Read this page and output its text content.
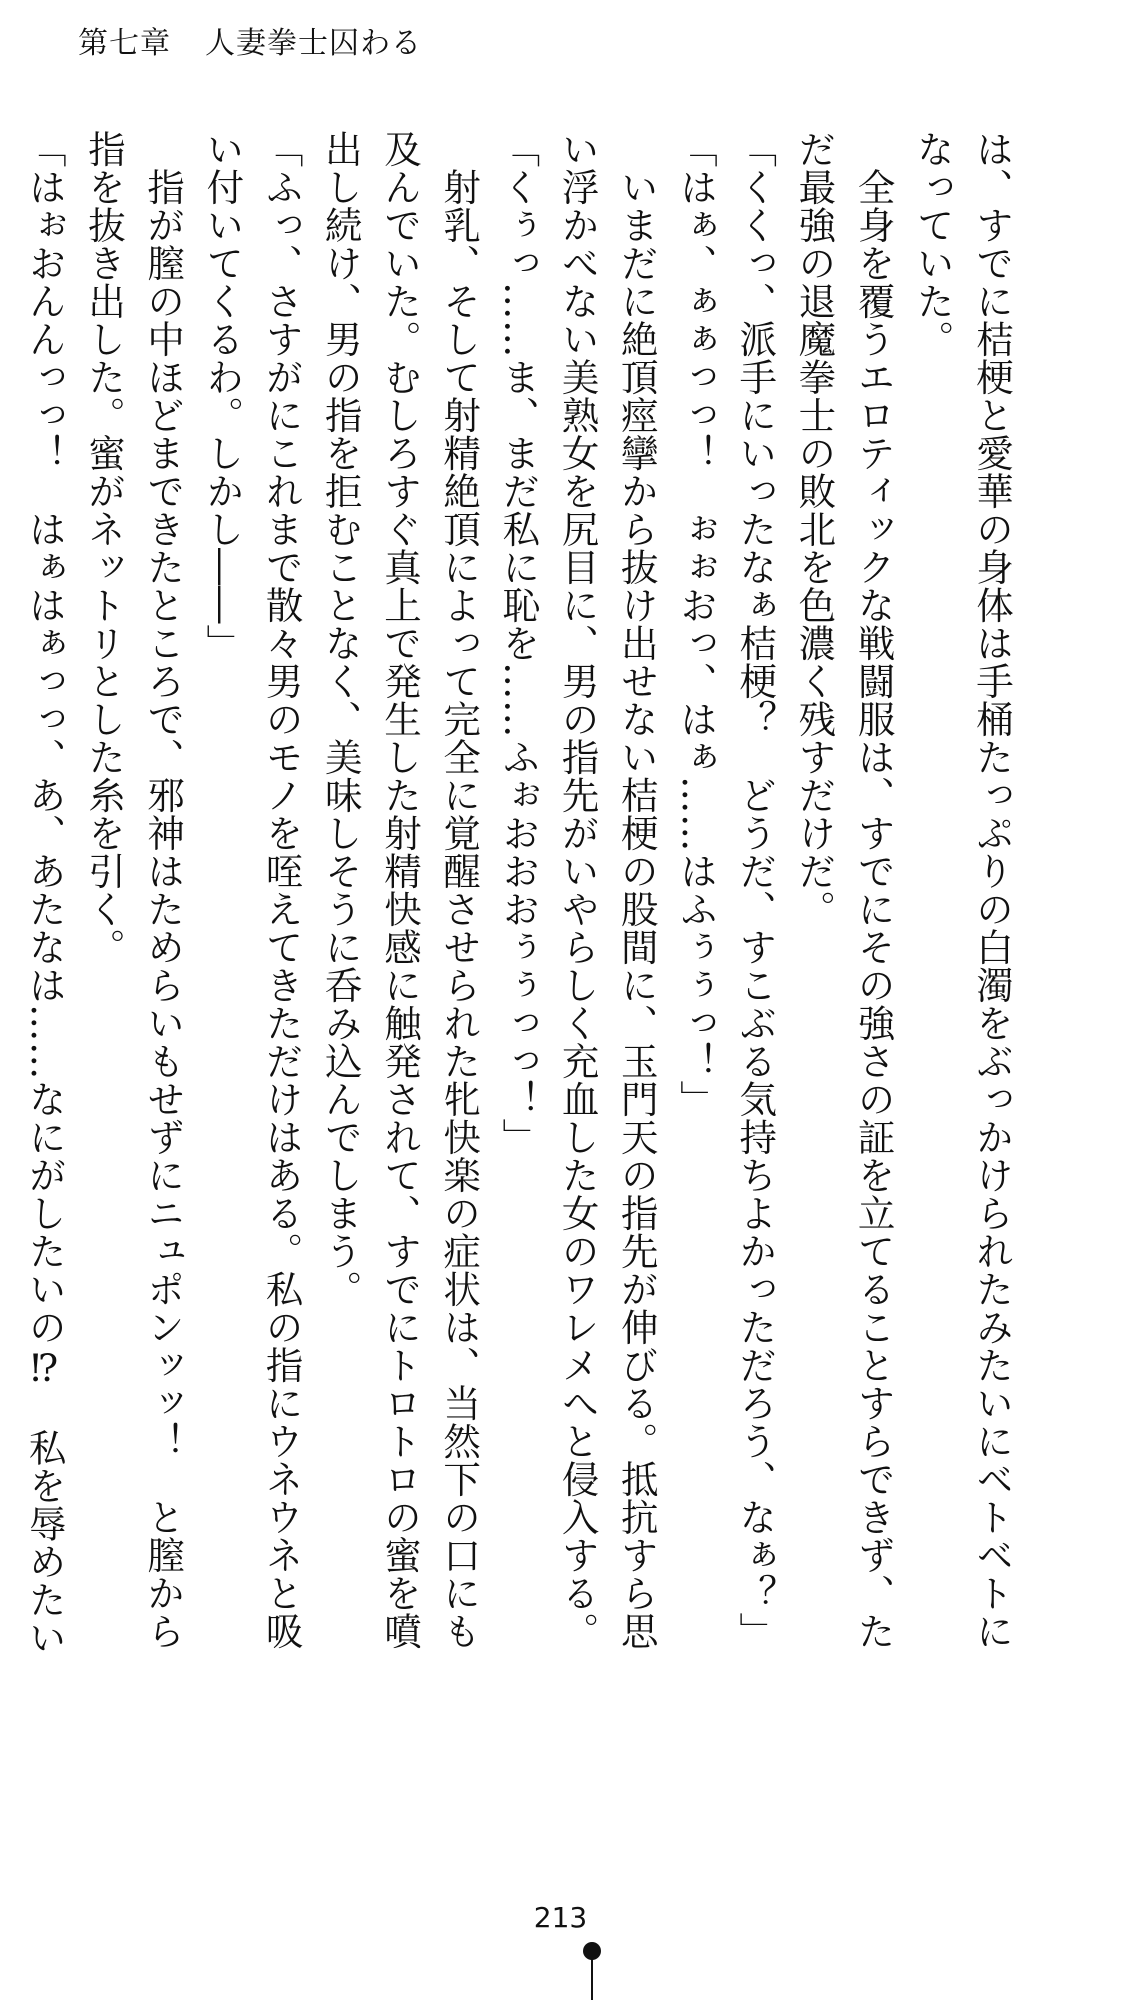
第七章 人妻拳士囚わる
は、すでに桔梗と愛華の身体は手桶たっぷりの白濁をぶっかけられたみたいにベトベトに
なっていた。
　全身を覆うエロティックな戦闘服は、すでにその強さの証を立てることすらできず、た
だ最強の退魔拳士の敗北を色濃く残すだけだ。
「くくっ、派手にいったなぁ桔梗？　どうだ、すこぶる気持ちよかっただろう、なぁ？」
「はぁ、ぁぁっっ！　ぉぉおっ、はぁ……はふぅぅっ！」
　いまだに絶頂痙攣から抜け出せない桔梗の股間に、玉門天の指先が伸びる。抵抗すら思
い浮かべない美熟女を尻目に、男の指先がいやらしく充血した女のワレメへと侵入する。
「くぅっ……ま、まだ私に恥を……ふぉおおおぅぅっっ！」
　射乳、そして射精絶頂によって完全に覚醒させられた牝快楽の症状は、当然下の口にも
及んでいた。むしろすぐ真上で発生した射精快感に触発されて、すでにトロトロの蜜を噴
出し続け、男の指を拒むことなく、美味しそうに呑み込んでしまう。
「ふっ、さすがにこれまで散々男のモノを咥えてきただけはある。私の指にウネウネと吸
い付いてくるわ。しかし――」
　指が膣の中ほどまできたところで、邪神はためらいもせずにニュポンッッ！　と膣から
指を抜き出した。蜜がネットリとした糸を引く。
「はぉおんんっっ！　はぁはぁっっ、あ、あたなは……なにがしたいの⁉　私を辱めたい
213
